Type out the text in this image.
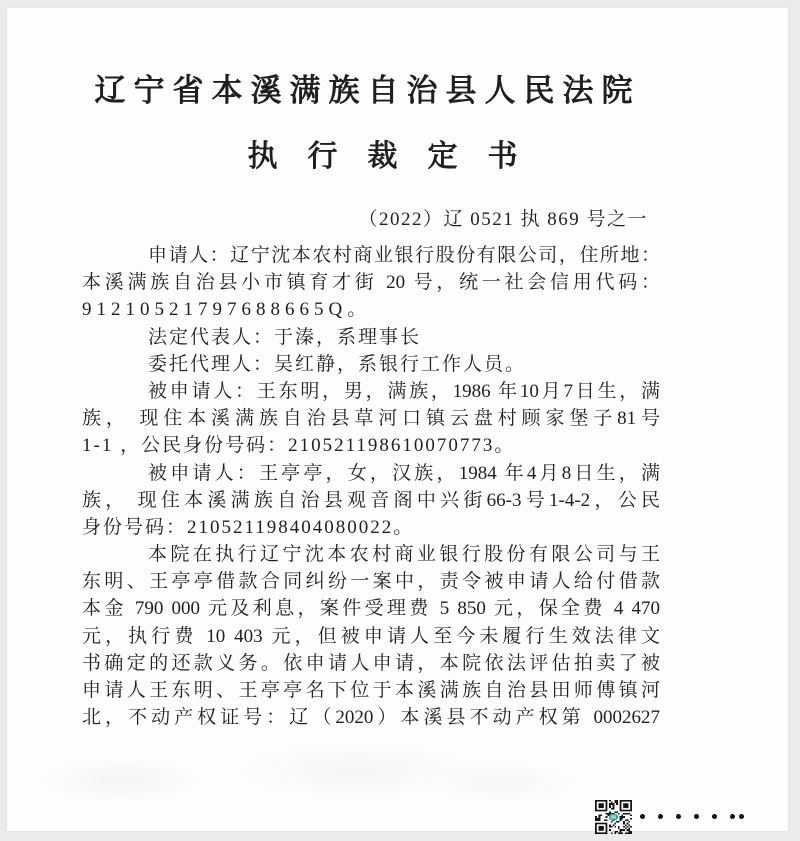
辽宁省本溪满族自治县人民法院
执行裁定书
（2022）辽 0521 执 869 号之一
申请人：辽宁沈本农村商业银行股份有限公司，住所地：
本溪满族自治县小市镇育才街 20 号，统一社会信用代码：
91210521797688665Q。
法定代表人：于溱，系理事长
委托代理人：吴红静，系银行工作人员。
被申请人：王东明，男，满族，1986 年10月7日生，满
族， 现住本溪满族自治县草河口镇云盘村顾家堡子81号
1-1 ，公民身份号码：210521198610070773。
被申请人：王亭亭，女，汉族，1984 年4月8日生，满
族， 现住本溪满族自治县观音阁中兴街66-3号1-4-2，公民
身份号码：210521198404080022。
本院在执行辽宁沈本农村商业银行股份有限公司与王
东明、王亭亭借款合同纠纷一案中，责令被申请人给付借款
本金 790 000 元及利息，案件受理费 5 850 元，保全费 4 470
元，执行费 10 403 元，但被申请人至今未履行生效法律文
书确定的还款义务。依申请人申请，本院依法评估拍卖了被
申请人王东明、王亭亭名下位于本溪满族自治县田师傅镇河
北，不动产权证号：辽（2020）本溪县不动产权第 0002627
